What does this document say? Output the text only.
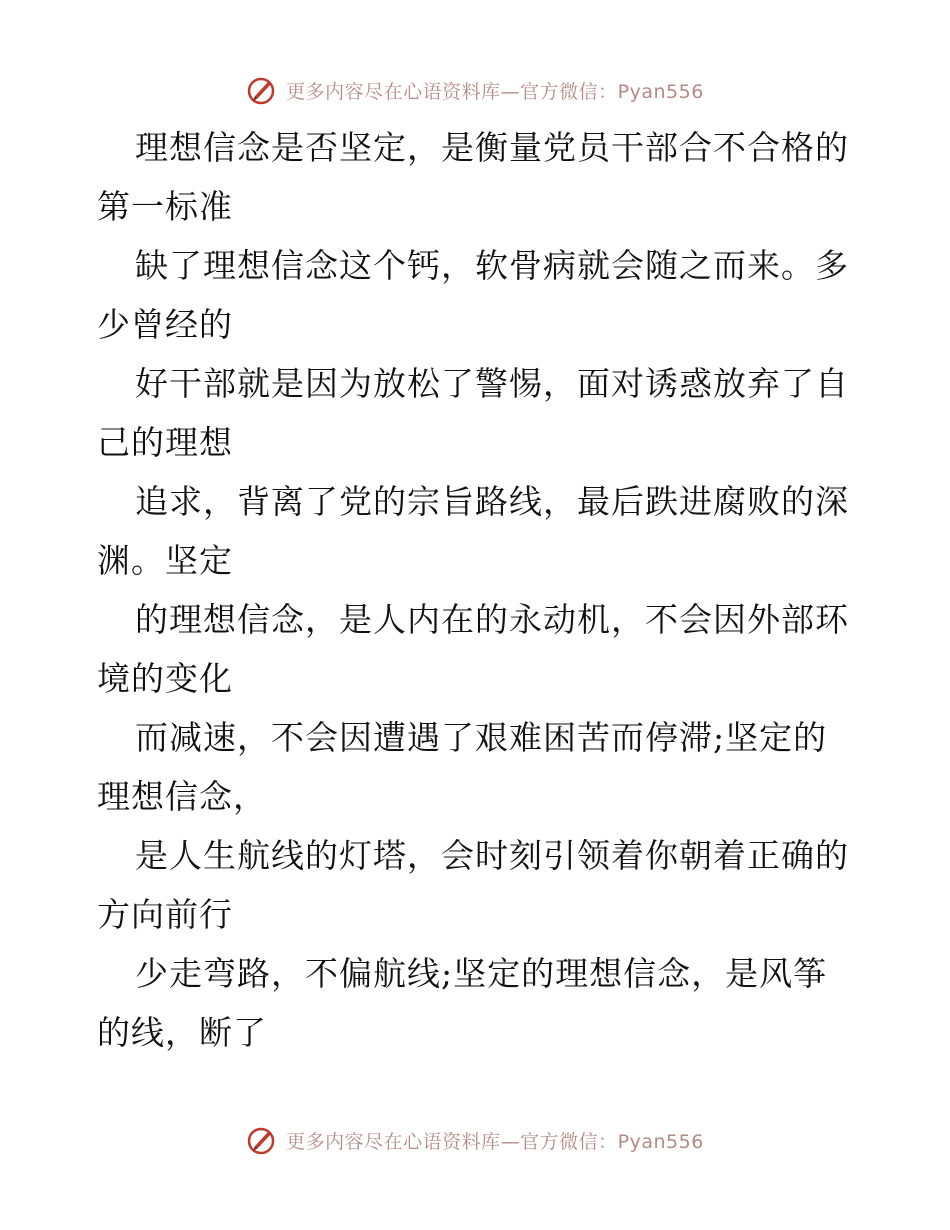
更多内容尽在心语资料库—官方微信：Pyan556
理想信念是否坚定，是衡量党员干部合不合格的
第一标准
缺了理想信念这个钙，软骨病就会随之而来。多
少曾经的
好干部就是因为放松了警惕，面对诱惑放弃了自
己的理想
追求，背离了党的宗旨路线，最后跌进腐败的深
渊。坚定
的理想信念，是人内在的永动机，不会因外部环
境的变化
而减速，不会因遭遇了艰难困苦而停滞;坚定的
理想信念，
是人生航线的灯塔，会时刻引领着你朝着正确的
方向前行
少走弯路，不偏航线;坚定的理想信念，是风筝
的线，断了
更多内容尽在心语资料库—官方微信：Pyan556
